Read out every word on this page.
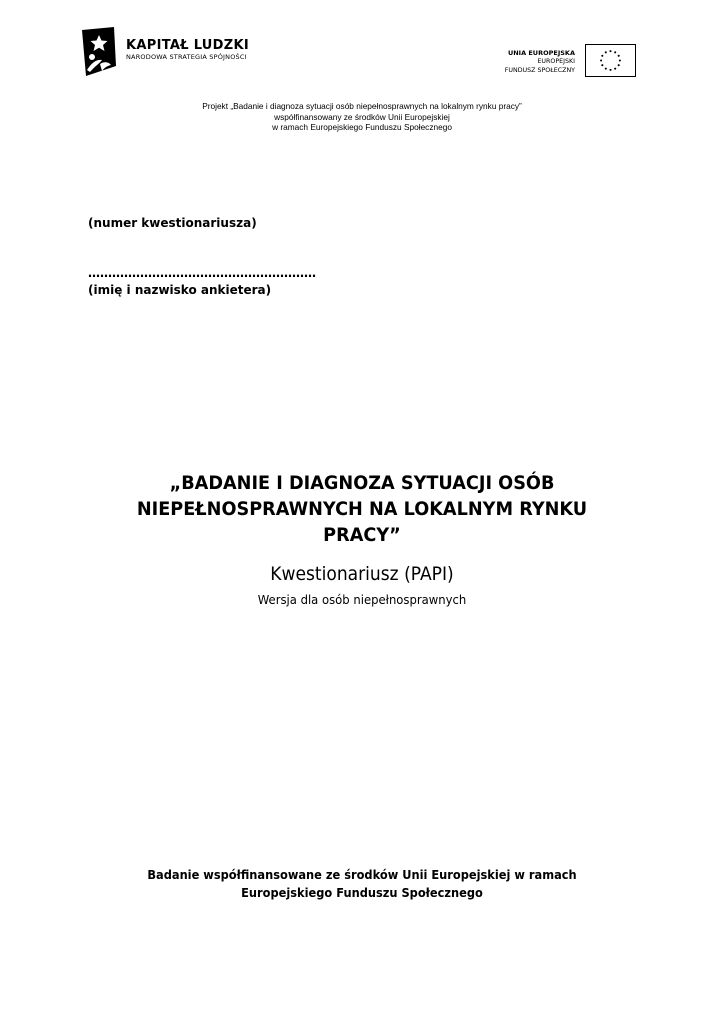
KAPITAŁ LUDZKI
NARODOWA STRATEGIA SPÓJNOŚCI	UNIA EUROPEJSKA
EUROPEJSKI
FUNDUSZ SPOŁECZNY
Projekt „Badanie i diagnoza sytuacji osób niepełnosprawnych na lokalnym rynku pracy”
współfinansowany ze środków Unii Europejskiej
w ramach Europejskiego Funduszu Społecznego
(numer kwestionariusza)
…………………………………………………
(imię i nazwisko ankietera)
„BADANIE I DIAGNOZA SYTUACJI OSÓB
NIEPEŁNOSPRAWNYCH NA LOKALNYM RYNKU
PRACY”
Kwestionariusz (PAPI)
Wersja dla osób niepełnosprawnych
Badanie współfinansowane ze środków Unii Europejskiej w ramach
Europejskiego Funduszu Społecznego
